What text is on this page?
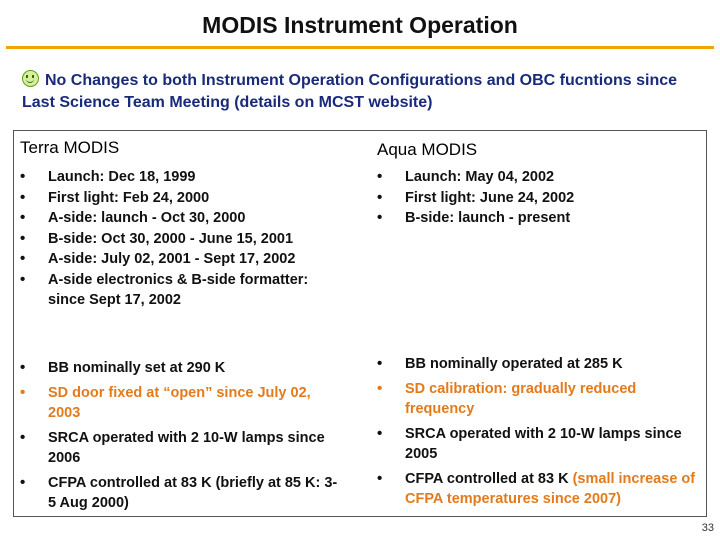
MODIS Instrument Operation
No Changes to both Instrument Operation Configurations and OBC fucntions since Last Science Team Meeting (details on MCST website)
Terra MODIS
• Launch: Dec 18, 1999
• First light: Feb 24, 2000
• A-side: launch - Oct 30, 2000
• B-side: Oct 30, 2000 - June 15, 2001
• A-side: July 02, 2001 - Sept 17, 2002
• A-side electronics & B-side formatter: since Sept 17, 2002
• BB nominally set at 290 K
• SD door fixed at “open” since July 02, 2003
• SRCA operated with 2 10-W lamps since 2006
• CFPA controlled at 83 K (briefly at 85 K: 3-5 Aug 2000)
Aqua MODIS
• Launch: May 04, 2002
• First light: June 24, 2002
• B-side: launch - present
• BB nominally operated at 285 K
• SD calibration: gradually reduced frequency
• SRCA operated with 2 10-W lamps since 2005
• CFPA controlled at 83 K (small increase of CFPA temperatures since 2007)
33
